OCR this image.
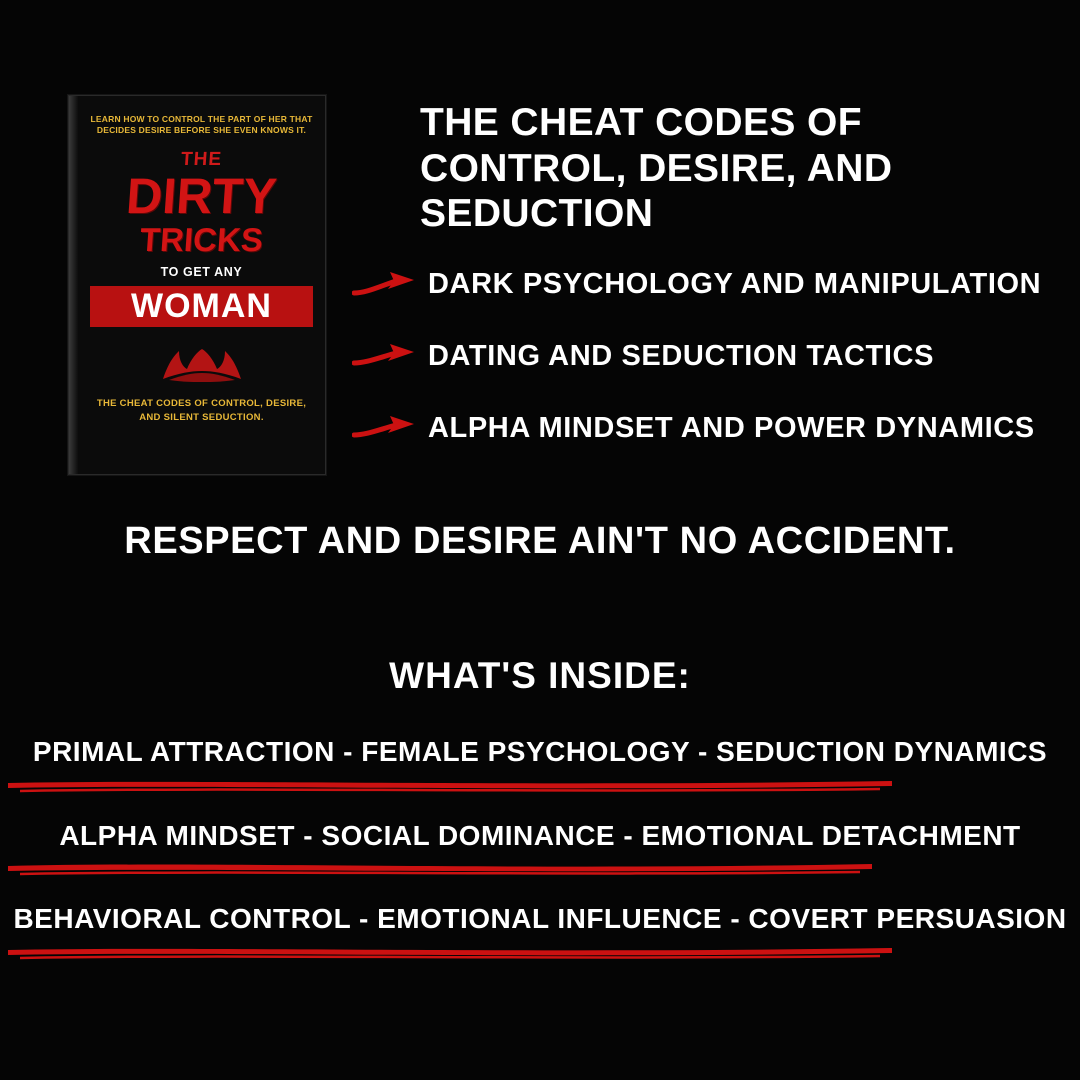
LEARN HOW TO CONTROL THE PART OF HER THAT DECIDES DESIRE BEFORE SHE EVEN KNOWS IT.
THE
DIRTY
TRICKS
TO GET ANY
WOMAN
THE CHEAT CODES OF CONTROL, DESIRE, AND SILENT SEDUCTION.
THE CHEAT CODES OF CONTROL, DESIRE, AND SEDUCTION
DARK PSYCHOLOGY AND MANIPULATION
DATING AND SEDUCTION TACTICS
ALPHA MINDSET AND POWER DYNAMICS
RESPECT AND DESIRE AIN'T NO ACCIDENT.
WHAT'S INSIDE:
PRIMAL ATTRACTION - FEMALE PSYCHOLOGY - SEDUCTION DYNAMICS
ALPHA MINDSET - SOCIAL DOMINANCE - EMOTIONAL DETACHMENT
BEHAVIORAL CONTROL - EMOTIONAL INFLUENCE - COVERT PERSUASION
